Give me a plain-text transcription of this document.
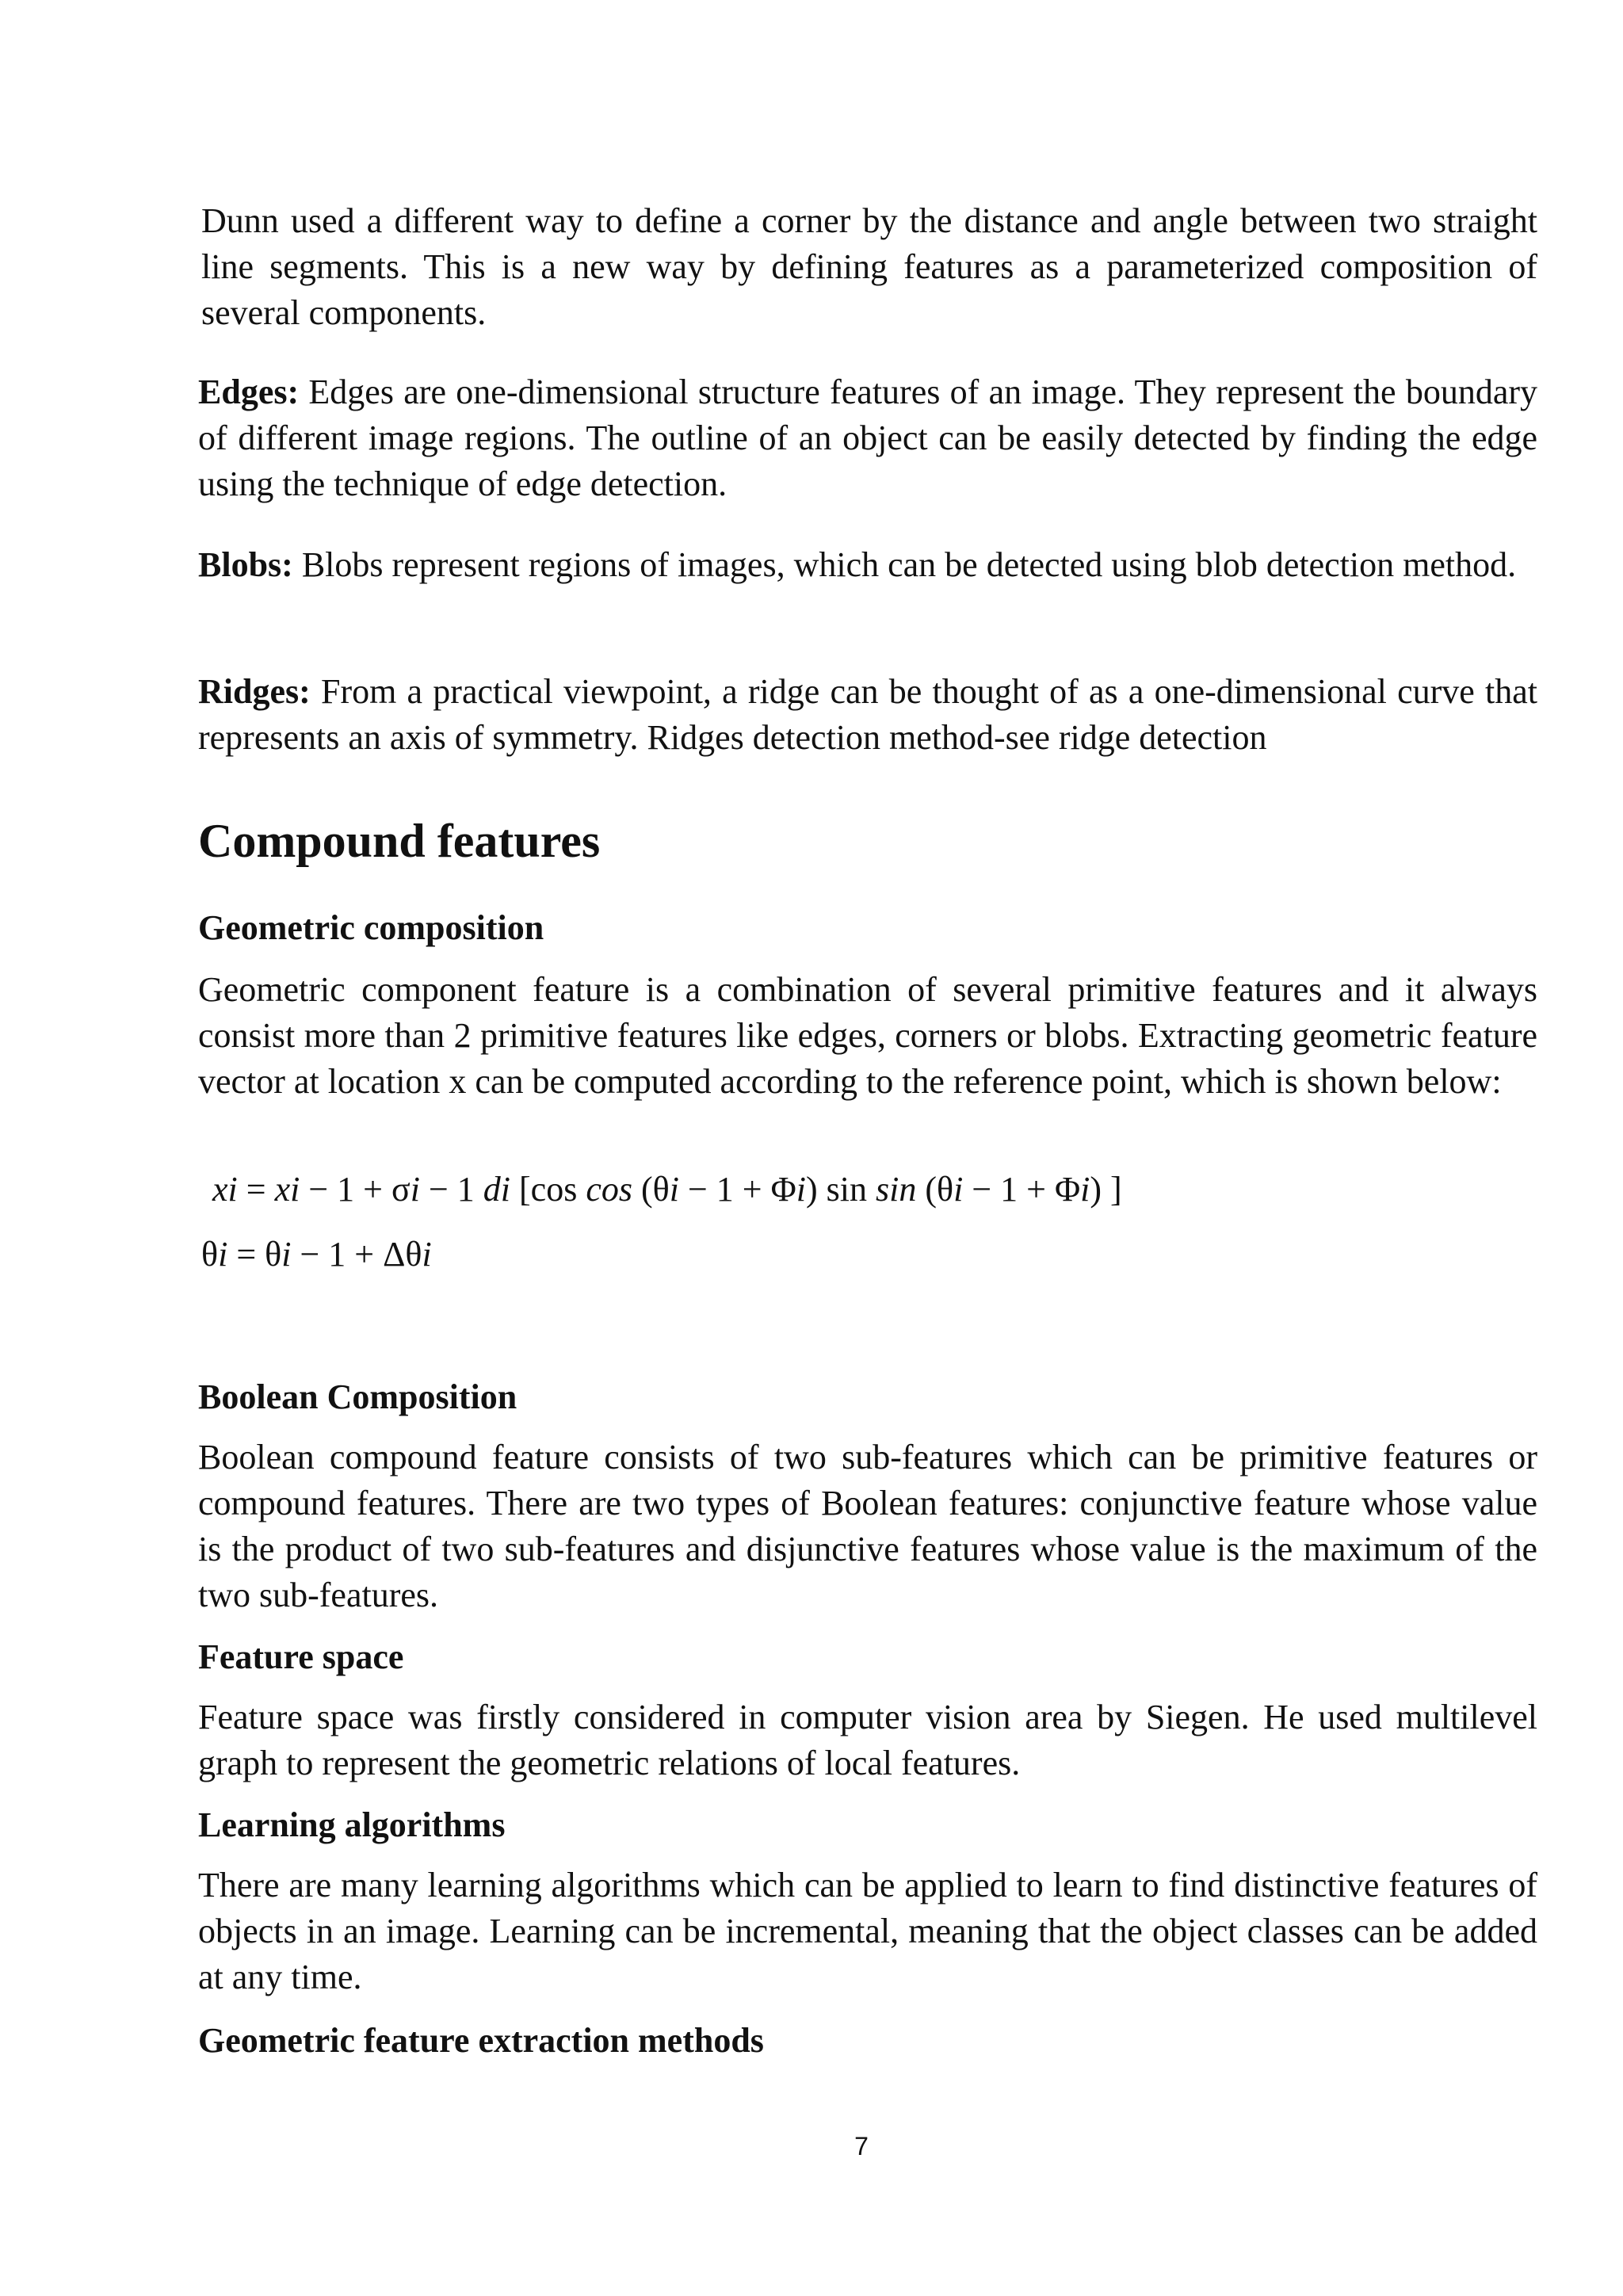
Dunn used a different way to define a corner by the distance and angle between two straight line segments. This is a new way by defining features as a parameterized composition of several components.

Edges: Edges are one-dimensional structure features of an image. They represent the boundary of different image regions. The outline of an object can be easily detected by finding the edge using the technique of edge detection.

Blobs: Blobs represent regions of images, which can be detected using blob detection method.

Ridges: From a practical viewpoint, a ridge can be thought of as a one-dimensional curve that represents an axis of symmetry. Ridges detection method-see ridge detection

Compound features
Geometric composition

Geometric component feature is a combination of several primitive features and it always consist more than 2 primitive features like edges, corners or blobs. Extracting geometric feature vector at location x can be computed according to the reference point, which is shown below:

xi = xi − 1 + σi − 1 di [cos cos (θi − 1 + Φi) sin sin (θi − 1 + Φi) ]
θi = θi − 1 + Δθi
Boolean Composition

Boolean compound feature consists of two sub-features which can be primitive features or compound features. There are two types of Boolean features: conjunctive feature whose value is the product of two sub-features and disjunctive features whose value is the maximum of the two sub-features.

Feature space

Feature space was firstly considered in computer vision area by Siegen. He used multilevel graph to represent the geometric relations of local features.

Learning algorithms

There are many learning algorithms which can be applied to learn to find distinctive features of objects in an image. Learning can be incremental, meaning that the object classes can be added at any time.

Geometric feature extraction methods
7
